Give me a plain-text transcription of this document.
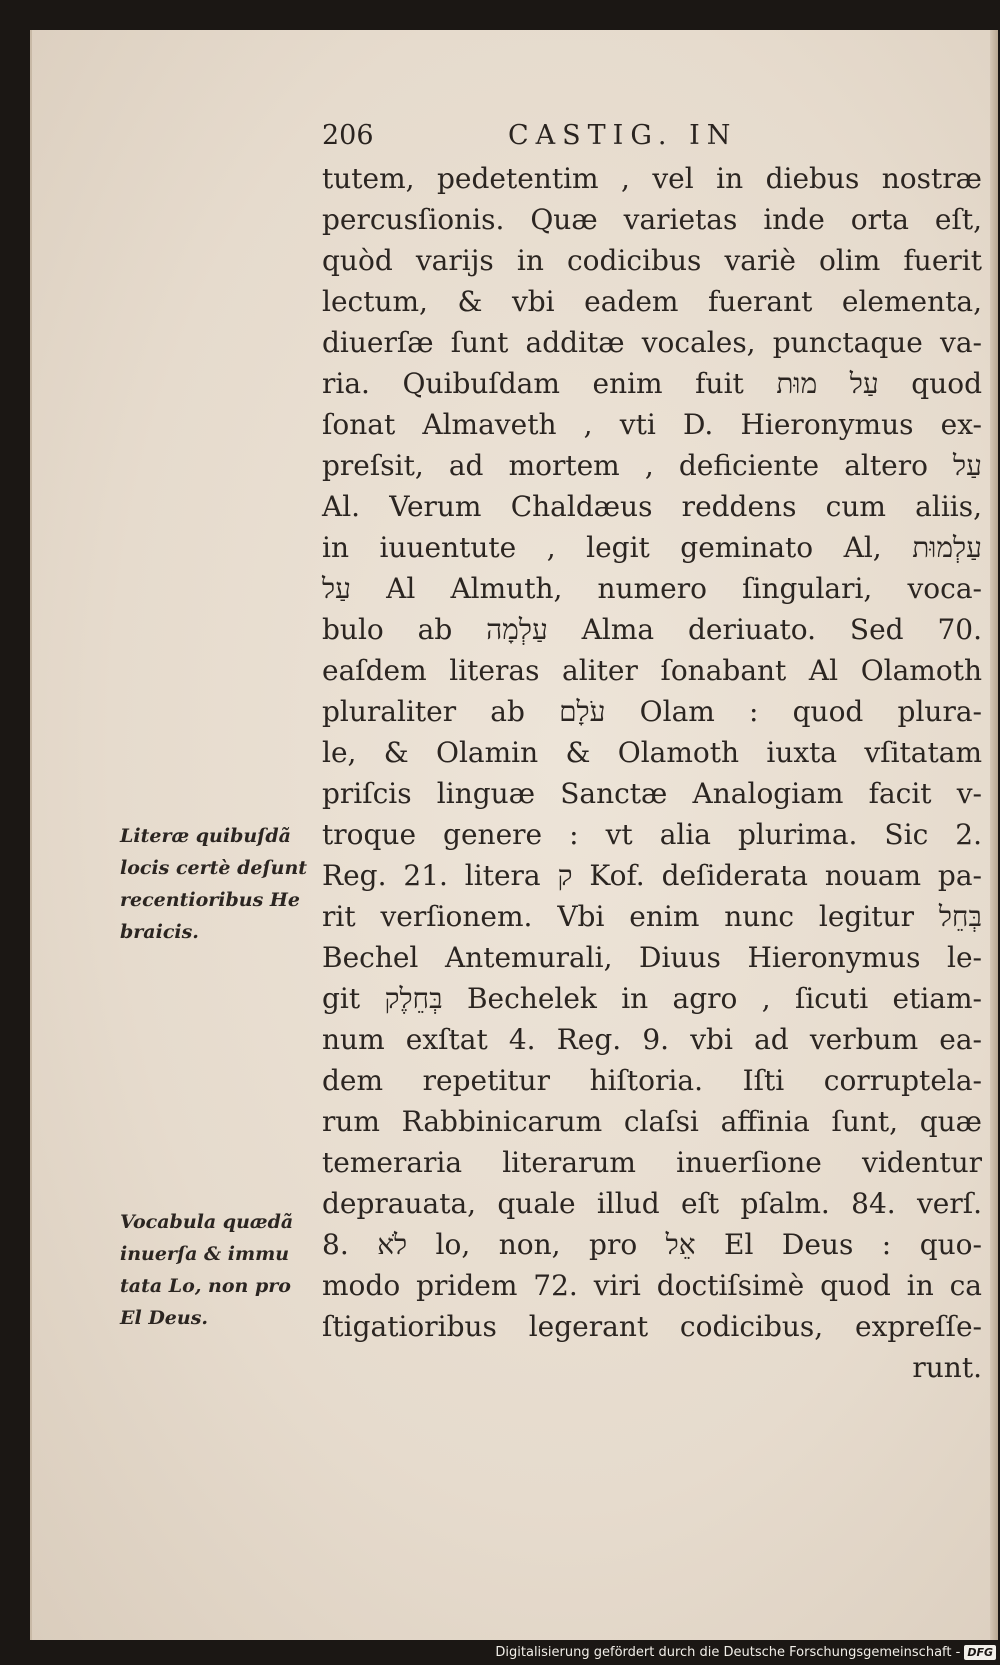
206	CASTIG. IN
tutem, pedetentim , vel in diebus nostræ
percusſionis. Quæ varietas inde orta eſt,
quòd varijs in codicibus variè olim fuerit
lectum, & vbi eadem fuerant elementa,
diuerſæ ſunt additæ vocales, punctaque va-
ria. Quibuſdam enim fuit עַל מוּת quod
ſonat Almaveth , vti D. Hieronymus ex-
preſsit, ad mortem , deficiente altero עַל
Al. Verum Chaldæus reddens cum aliis,
in iuuentute , legit geminato Al, עַלְמוּת
עַל Al Almuth, numero ſingulari, voca-
bulo ab עַלְמָה Alma deriuato. Sed 70.
eaſdem literas aliter ſonabant Al Olamoth
pluraliter ab עֹלָם Olam : quod plura-
le, & Olamin & Olamoth iuxta vſitatam
priſcis linguæ Sanctæ Analogiam facit v-
troque genere : vt alia plurima. Sic 2.
Reg. 21. litera ק Kof. deſiderata nouam pa-
rit verſionem. Vbi enim nunc legitur בְּחֵל
Bechel Antemurali, Diuus Hieronymus le-
git בְּחֵלֶק Bechelek in agro , ſicuti etiam-
num exſtat 4. Reg. 9. vbi ad verbum ea-
dem repetitur hiſtoria. Iſti corruptela-
rum Rabbinicarum claſsi affinia ſunt, quæ
temeraria literarum inuerſione videntur
deprauata, quale illud eſt pſalm. 84. verſ.
8. לֹא lo, non, pro אֵל El Deus : quo-
modo pridem 72. viri doctiſsimè quod in ca
ſtigatioribus legerant codicibus, expreſſe-
runt.
Literæ quibuſdã
locis certè deſunt
recentioribus He
braicis.
Vocabula quædã
inuerſa & immu
tata Lo, non pro
El Deus.
Digitalisierung gefördert durch die Deutsche Forschungsgemeinschaft - DFG
